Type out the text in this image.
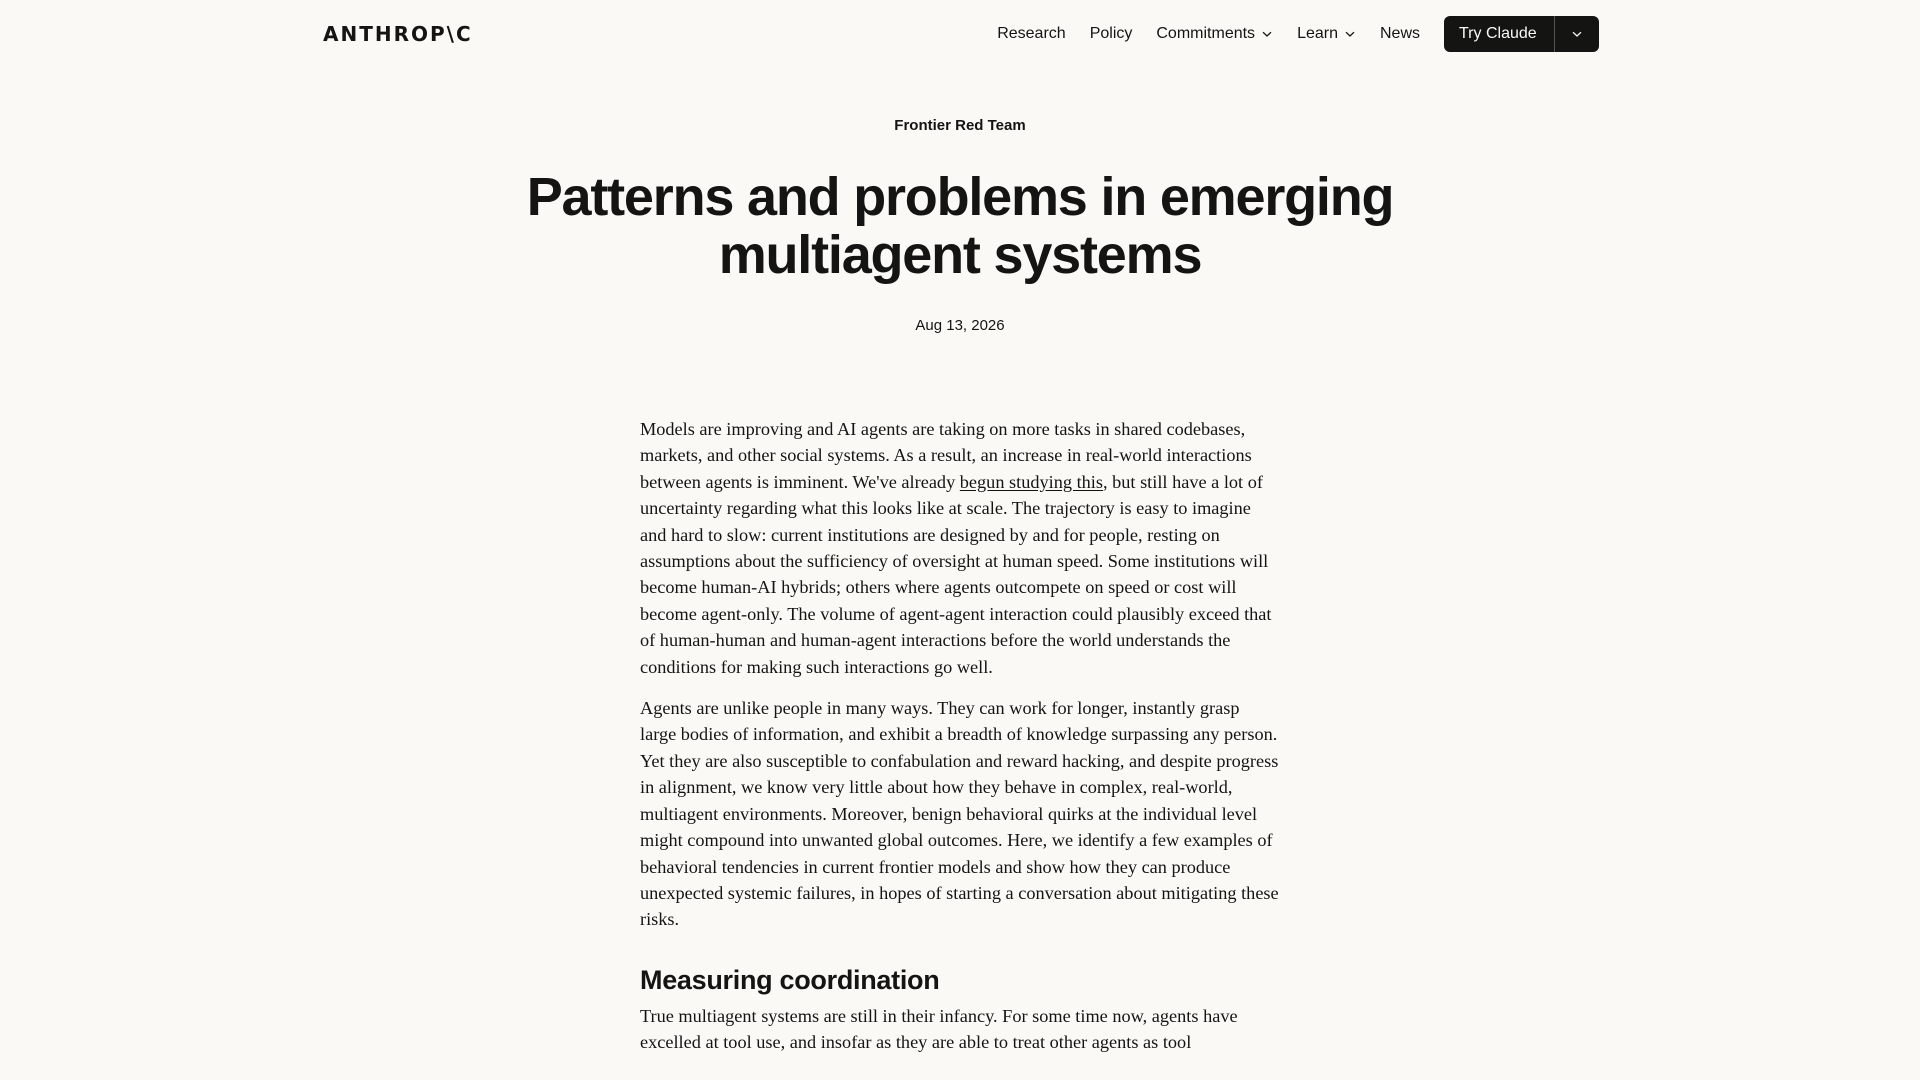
ANTHROP\C	Research Policy Commitments	Learn	News	Try Claude
Frontier Red Team
Patterns and problems in emerging multiagent systems
Aug 13, 2026

Models are improving and AI agents are taking on more tasks in shared codebases, markets, and other social systems. As a result, an increase in real-world interactions between agents is imminent. We've already begun studying this, but still have a lot of uncertainty regarding what this looks like at scale. The trajectory is easy to imagine and hard to slow: current institutions are designed by and for people, resting on assumptions about the sufficiency of oversight at human speed. Some institutions will become human-AI hybrids; others where agents outcompete on speed or cost will become agent-only. The volume of agent-agent interaction could plausibly exceed that of human-human and human-agent interactions before the world understands the conditions for making such interactions go well.

Agents are unlike people in many ways. They can work for longer, instantly grasp large bodies of information, and exhibit a breadth of knowledge surpassing any person. Yet they are also susceptible to confabulation and reward hacking, and despite progress in alignment, we know very little about how they behave in complex, real-world, multiagent environments. Moreover, benign behavioral quirks at the individual level might compound into unwanted global outcomes. Here, we identify a few examples of behavioral tendencies in current frontier models and show how they can produce unexpected systemic failures, in hopes of starting a conversation about mitigating these risks.

Measuring coordination

True multiagent systems are still in their infancy. For some time now, agents have excelled at tool use, and insofar as they are able to treat other agents as tool
